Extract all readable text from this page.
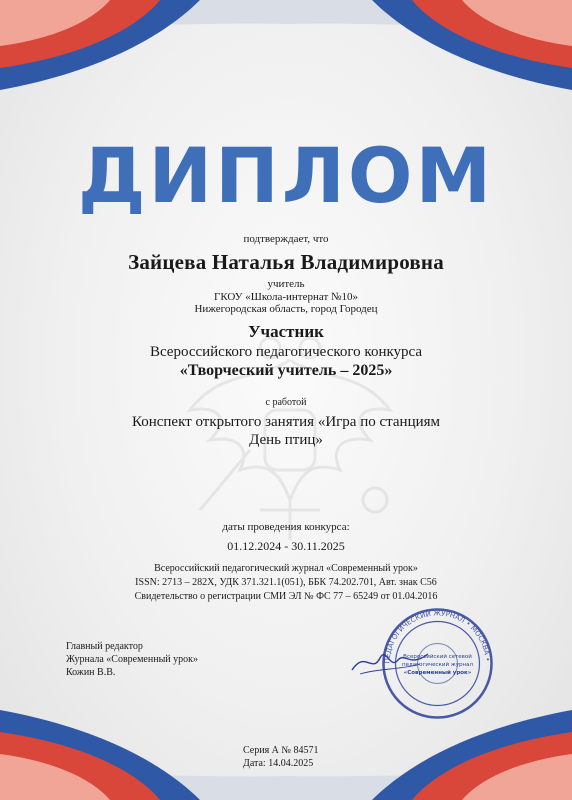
ДИПЛОМ
подтверждает, что
Зайцева Наталья Владимировна
учитель
ГКОУ «Школа-интернат №10»
Нижегородская область, город Городец
Участник
Всероссийского педагогического конкурса
«Творческий учитель – 2025»
с работой
Конспект открытого занятия «Игра по станциям
День птиц»
даты проведения конкурса:
01.12.2024 - 30.11.2025
Всероссийский педагогический журнал «Современный урок»
ISSN: 2713 – 282X, УДК 371.321.1(051), ББК 74.202.701, Авт. знак С56
Свидетельство о регистрации СМИ ЭЛ № ФС 77 – 65249 от 01.04.2016
Главный редактор
Журнала «Современный урок»
Кожин В.В.
ПЕДАГОГИЧЕСКИЙ ЖУРНАЛ • МОСКВА •
Всероссийский сетевой
педагогический журнал
«Современный урок»
Серия А № 84571
Дата: 14.04.2025
